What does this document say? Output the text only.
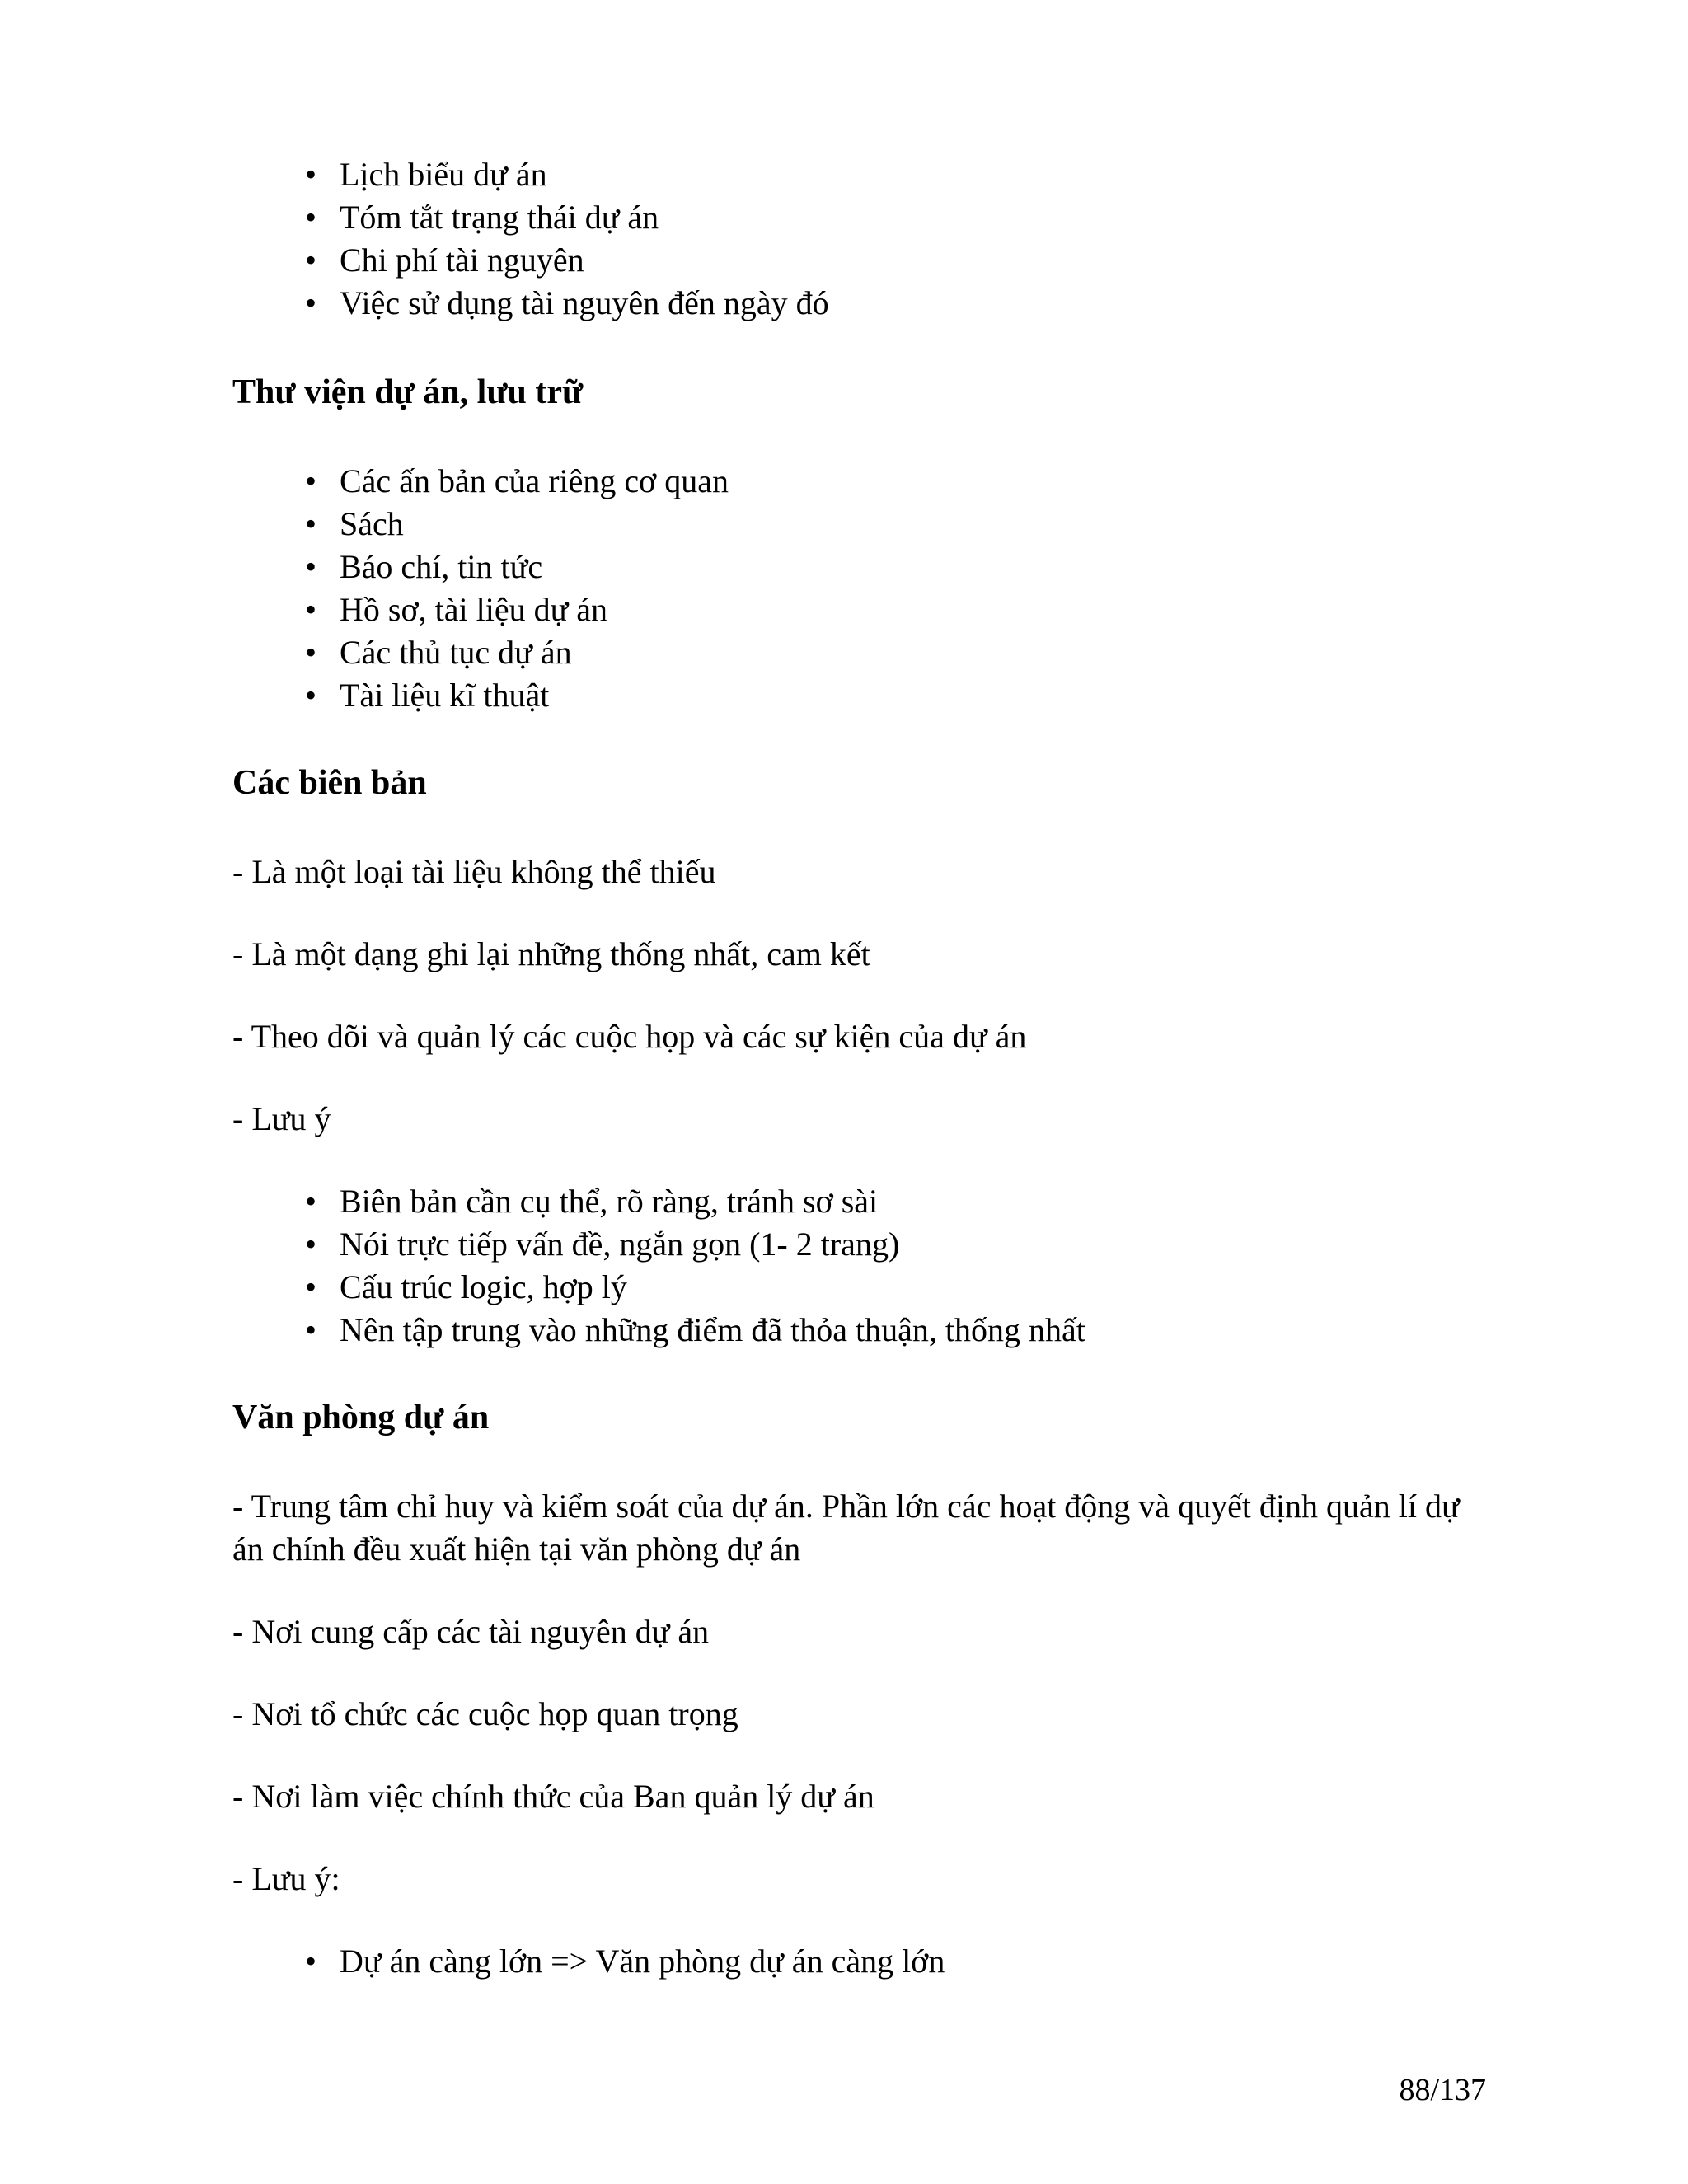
• Lịch biểu dự án
• Tóm tắt trạng thái dự án
• Chi phí tài nguyên
• Việc sử dụng tài nguyên đến ngày đó
Thư viện dự án, lưu trữ
• Các ấn bản của riêng cơ quan
• Sách
• Báo chí, tin tức
• Hồ sơ, tài liệu dự án
• Các thủ tục dự án
• Tài liệu kĩ thuật
Các biên bản
- Là một loại tài liệu không thể thiếu
- Là một dạng ghi lại những thống nhất, cam kết
- Theo dõi và quản lý các cuộc họp và các sự kiện của dự án
- Lưu ý
• Biên bản cần cụ thể, rõ ràng, tránh sơ sài
• Nói trực tiếp vấn đề, ngắn gọn (1- 2 trang)
• Cấu trúc logic, hợp lý
• Nên tập trung vào những điểm đã thỏa thuận, thống nhất
Văn phòng dự án
- Trung tâm chỉ huy và kiểm soát của dự án. Phần lớn các hoạt động và quyết định quản lí dự án chính đều xuất hiện tại văn phòng dự án
- Nơi cung cấp các tài nguyên dự án
- Nơi tổ chức các cuộc họp quan trọng
- Nơi làm việc chính thức của Ban quản lý dự án
- Lưu ý:
• Dự án càng lớn => Văn phòng dự án càng lớn
88/137
